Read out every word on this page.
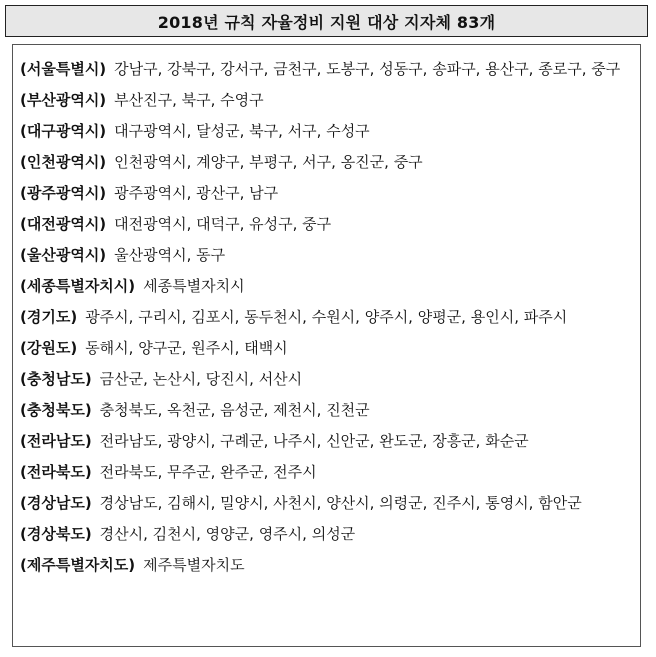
2018년 규칙 자율정비 지원 대상 지자체 83개
(서울특별시) 강남구, 강북구, 강서구, 금천구, 도봉구, 성동구, 송파구, 용산구, 종로구, 중구
(부산광역시) 부산진구, 북구, 수영구
(대구광역시) 대구광역시, 달성군, 북구, 서구, 수성구
(인천광역시) 인천광역시, 계양구, 부평구, 서구, 옹진군, 중구
(광주광역시) 광주광역시, 광산구, 남구
(대전광역시) 대전광역시, 대덕구, 유성구, 중구
(울산광역시) 울산광역시, 동구
(세종특별자치시) 세종특별자치시
(경기도) 광주시, 구리시, 김포시, 동두천시, 수원시, 양주시, 양평군, 용인시, 파주시
(강원도) 동해시, 양구군, 원주시, 태백시
(충청남도) 금산군, 논산시, 당진시, 서산시
(충청북도) 충청북도, 옥천군, 음성군, 제천시, 진천군
(전라남도) 전라남도, 광양시, 구례군, 나주시, 신안군, 완도군, 장흥군, 화순군
(전라북도) 전라북도, 무주군, 완주군, 전주시
(경상남도) 경상남도, 김해시, 밀양시, 사천시, 양산시, 의령군, 진주시, 통영시, 함안군
(경상북도) 경산시, 김천시, 영양군, 영주시, 의성군
(제주특별자치도) 제주특별자치도
